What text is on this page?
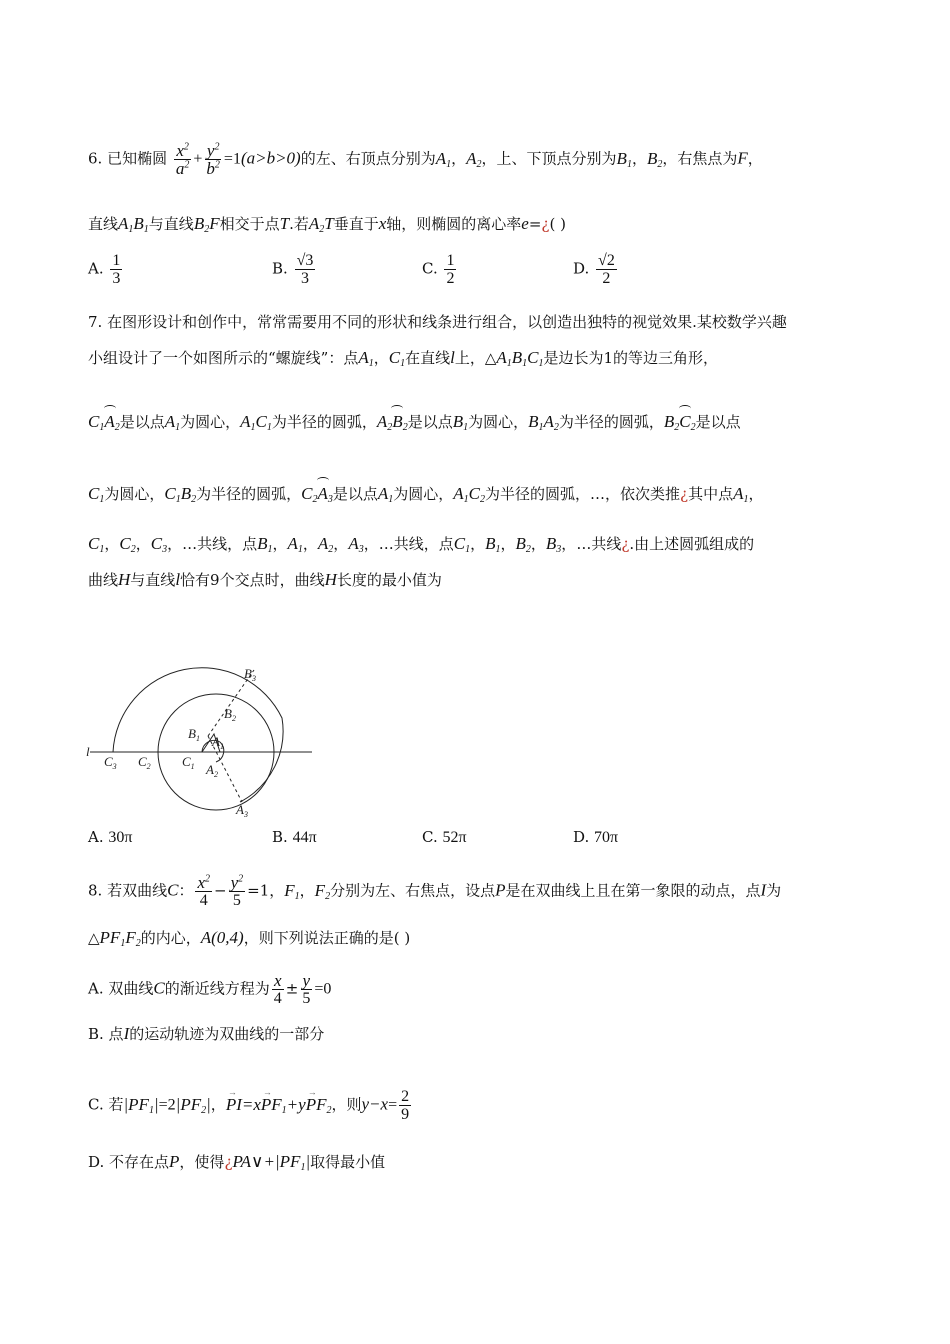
6. 已知椭圆 $\frac{x^2}{a^2} + \frac{y^2}{b^2} =1(a>b>0)$的左、右顶点分别为$A_1$，$A_2$，上、下顶点分别为$B_1$，$B_2$，右焦点为F，
直线$A_1B_1$与直线$B_2F$相交于点T.若$A_2T$垂直于x轴，则椭圆的离心率e=¿( )
A. $\frac{1}{3}$	B. $\frac{√3}{3}$	C. $\frac{1}{2}$	D. $\frac{√2}{2}$
7. 在图形设计和创作中，常常需要用不同的形状和线条进行组合，以创造出独特的视觉效果.某校数学兴趣
小组设计了一个如图所示的“螺旋线”：点$A_1$，$C_1$在直线l上，$\triangle A_1B_1C_1$是边长为1的等边三角形，
$C_1A_2$是以点$A_1$为圆心，$A_1C_1$为半径的圆弧，$A_2B_2$是以点$B_1$为圆心，$B_1A_2$为半径的圆弧，$B_2C_2$是以点
$C_1$为圆心，$C_1B_2$为半径的圆弧，$C_2A_3$是以点$A_1$为圆心，$A_1C_2$为半径的圆弧，…，依次类推¿其中点$A_1$，
$C_1$，$C_2$，$C_3$，…共线，点$B_1$，$A_1$，$A_2$，$A_3$，…共线，点$C_1$，$B_1$，$B_2$，$B_3$，…共线¿.由上述圆弧组成的
曲线H与直线l恰有9个交点时，曲线H长度的最小值为
l
$B_3$
$B_2$
$B_1$ $A_1$
$A_2$
$A_3$
$C_1$
$C_2$
$C_3$
A. 30π	B. 44π	C. 52π	D. 70π
8. 若双曲线C： $\frac{x^2}{4} - \frac{y^2}{5} =1$，$F_1$，$F_2$分别为左、右焦点，设点P是在双曲线上且在第一象限的动点，点I为
$\triangle PF_1F_2$的内心，A(0,4)，则下列说法正确的是( )
A. 双曲线C的渐近线方程为 $\frac{x}{4} \pm \frac{y}{5} =0$
B. 点I的运动轨迹为双曲线的一部分
C. 若$|PF_1|=2|PF_2|$，→ $PI=x\to PF_1+y\to PF_2$，则$y-x= \frac{2}{9}$
D. 不存在点P，使得¿$PA\vee+|PF_1|$取得最小值
